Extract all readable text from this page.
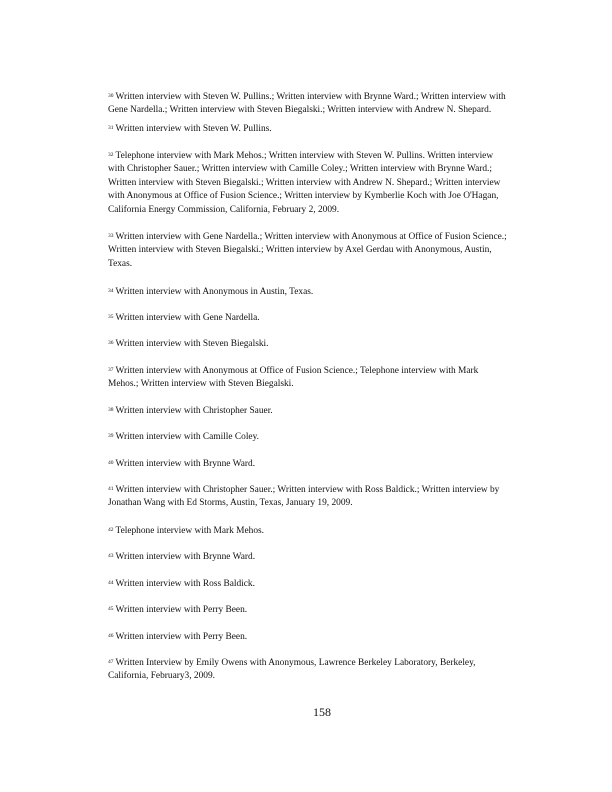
$^{30}$ Written interview with Steven W. Pullins.; Written interview with Brynne Ward.; Written interview with
Gene Nardella.; Written interview with Steven Biegalski.; Written interview with Andrew N. Shepard.
$^{31}$ Written interview with Steven W. Pullins.
$^{32}$ Telephone interview with Mark Mehos.; Written interview with Steven W. Pullins. Written interview
with Christopher Sauer.; Written interview with Camille Coley.; Written interview with Brynne Ward.;
Written interview with Steven Biegalski.; Written interview with Andrew N. Shepard.; Written interview
with Anonymous at Office of Fusion Science.; Written interview by Kymberlie Koch with Joe O'Hagan,
California Energy Commission, California, February 2, 2009.
$^{33}$ Written interview with Gene Nardella.; Written interview with Anonymous at Office of Fusion Science.;
Written interview with Steven Biegalski.; Written interview by Axel Gerdau with Anonymous, Austin,
Texas.
$^{34}$ Written interview with Anonymous in Austin, Texas.
$^{35}$ Written interview with Gene Nardella.
$^{36}$ Written interview with Steven Biegalski.
$^{37}$ Written interview with Anonymous at Office of Fusion Science.; Telephone interview with Mark
Mehos.; Written interview with Steven Biegalski.
$^{38}$ Written interview with Christopher Sauer.
$^{39}$ Written interview with Camille Coley.
$^{40}$ Written interview with Brynne Ward.
$^{41}$ Written interview with Christopher Sauer.; Written interview with Ross Baldick.; Written interview by
Jonathan Wang with Ed Storms, Austin, Texas, January 19, 2009.
$^{42}$ Telephone interview with Mark Mehos.
$^{43}$ Written interview with Brynne Ward.
$^{44}$ Written interview with Ross Baldick.
$^{45}$ Written interview with Perry Been.
$^{46}$ Written interview with Perry Been.
$^{47}$ Written Interview by Emily Owens with Anonymous, Lawrence Berkeley Laboratory, Berkeley,
California, February3, 2009.
158
